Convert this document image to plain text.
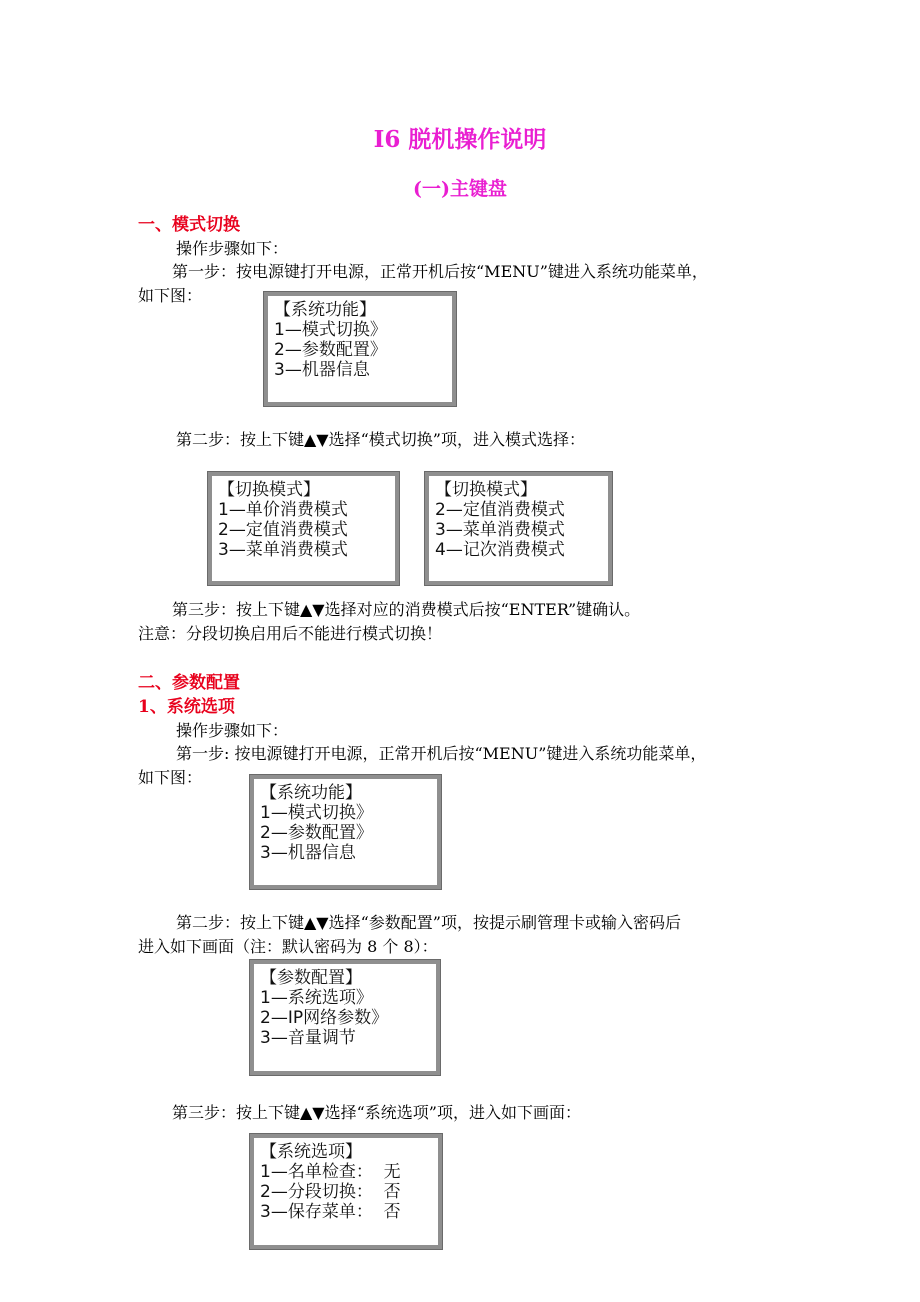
I6 脱机操作说明
(一)主键盘
一、模式切换
操作步骤如下：
第一步：按电源键打开电源，正常开机后按“MENU”键进入系统功能菜单，
如下图：
【系统功能】
1—模式切换》
2—参数配置》
3—机器信息
第二步：按上下键▲▼选择“模式切换”项，进入模式选择：
【切换模式】
1—单价消费模式
2—定值消费模式
3—菜单消费模式
【切换模式】
2—定值消费模式
3—菜单消费模式
4—记次消费模式
第三步：按上下键▲▼选择对应的消费模式后按“ENTER”键确认。
注意：分段切换启用后不能进行模式切换！
二、参数配置
1、系统选项
操作步骤如下：
第一步: 按电源键打开电源，正常开机后按“MENU”键进入系统功能菜单，
如下图：
【系统功能】
1—模式切换》
2—参数配置》
3—机器信息
第二步：按上下键▲▼选择“参数配置”项，按提示刷管理卡或输入密码后
进入如下画面（注：默认密码为 8 个 8）：
【参数配置】
1—系统选项》
2—IP网络参数》
3—音量调节
第三步：按上下键▲▼选择“系统选项”项，进入如下画面：
【系统选项】
1—名单检查：  无
2—分段切换：  否
3—保存菜单：  否
